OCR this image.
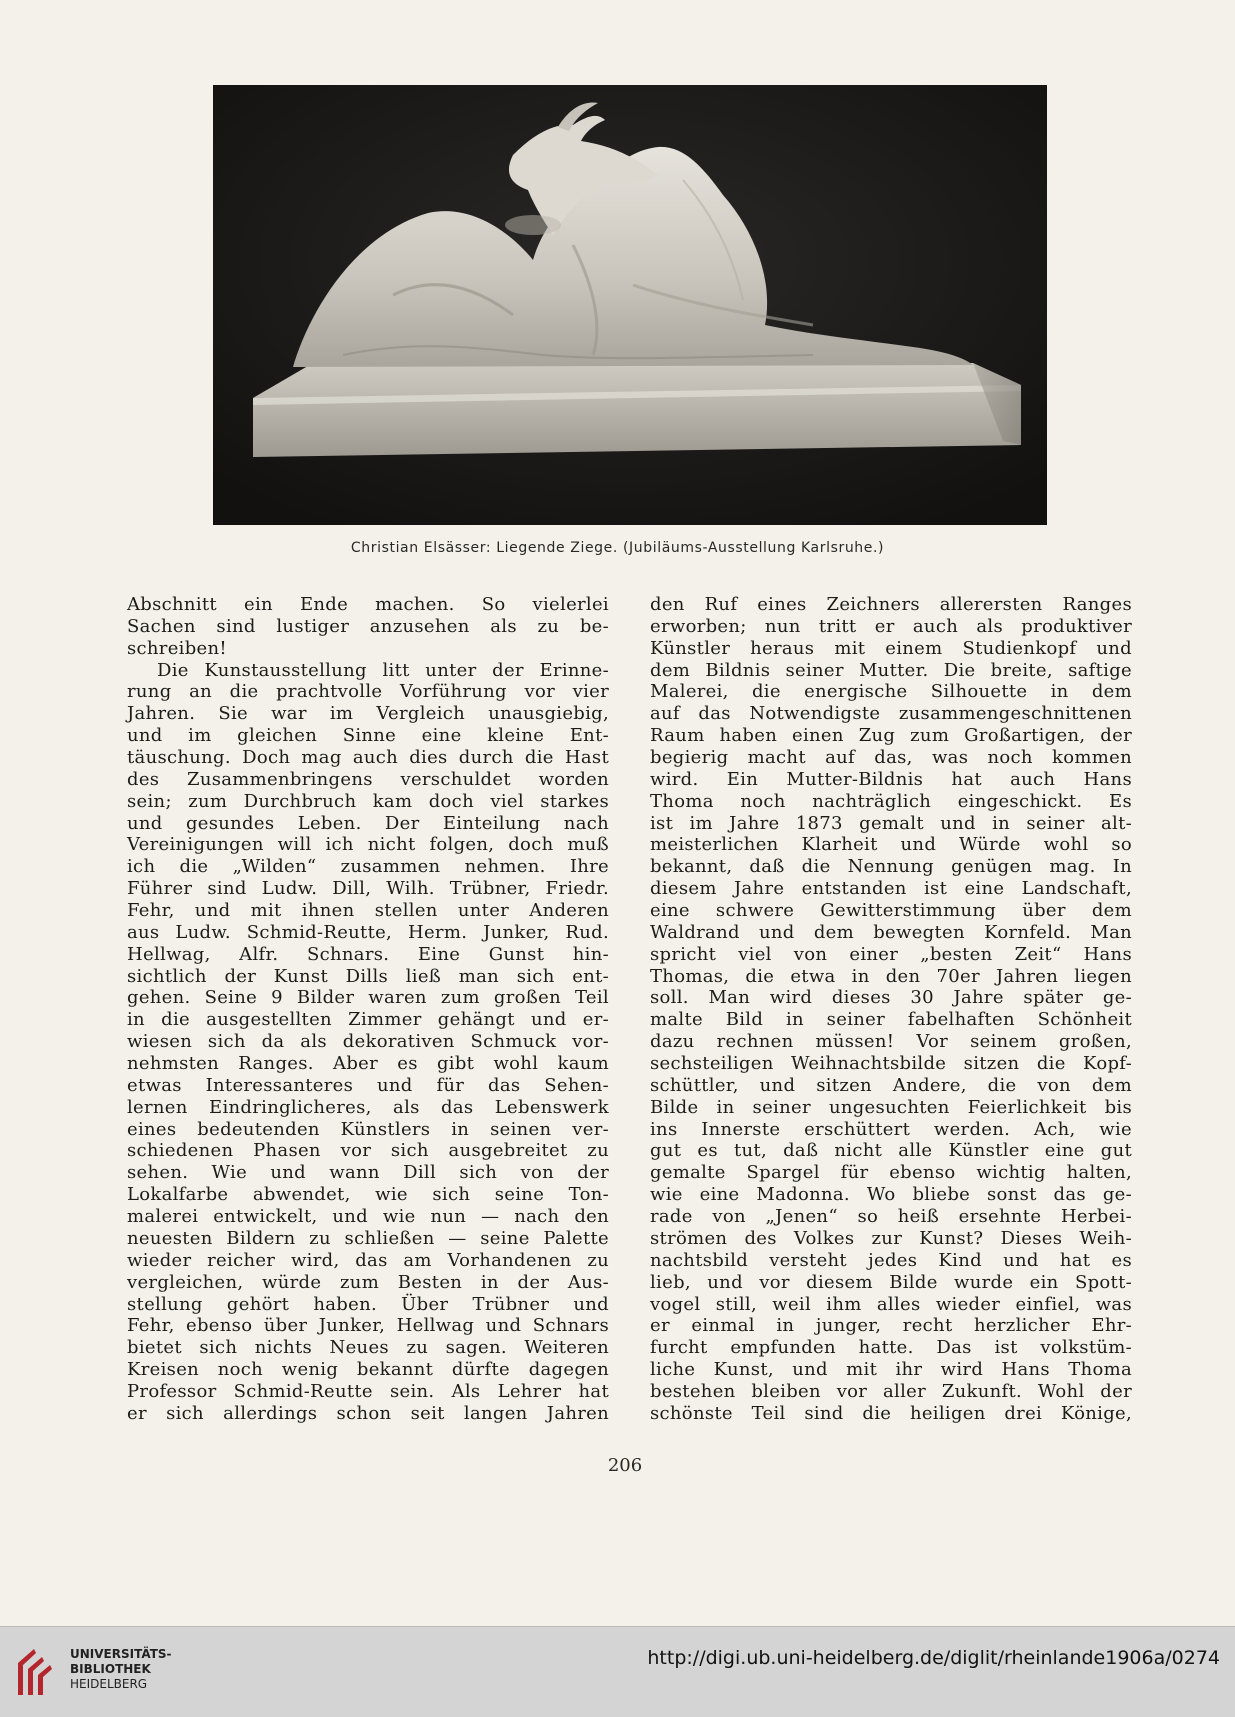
Christian Elsässer: Liegende Ziege. (Jubiläums-Ausstellung Karlsruhe.)
Abschnitt ein Ende machen. So vielerlei
Sachen sind lustiger anzusehen als zu be-
schreiben!
Die Kunstausstellung litt unter der Erinne-
rung an die prachtvolle Vorführung vor vier
Jahren. Sie war im Vergleich unausgiebig,
und im gleichen Sinne eine kleine Ent-
täuschung. Doch mag auch dies durch die Hast
des Zusammenbringens verschuldet worden
sein; zum Durchbruch kam doch viel starkes
und gesundes Leben. Der Einteilung nach
Vereinigungen will ich nicht folgen, doch muß
ich die „Wilden“ zusammen nehmen. Ihre
Führer sind Ludw. Dill, Wilh. Trübner, Friedr.
Fehr, und mit ihnen stellen unter Anderen
aus Ludw. Schmid-Reutte, Herm. Junker, Rud.
Hellwag, Alfr. Schnars. Eine Gunst hin-
sichtlich der Kunst Dills ließ man sich ent-
gehen. Seine 9 Bilder waren zum großen Teil
in die ausgestellten Zimmer gehängt und er-
wiesen sich da als dekorativen Schmuck vor-
nehmsten Ranges. Aber es gibt wohl kaum
etwas Interessanteres und für das Sehen-
lernen Eindringlicheres, als das Lebenswerk
eines bedeutenden Künstlers in seinen ver-
schiedenen Phasen vor sich ausgebreitet zu
sehen. Wie und wann Dill sich von der
Lokalfarbe abwendet, wie sich seine Ton-
malerei entwickelt, und wie nun — nach den
neuesten Bildern zu schließen — seine Palette
wieder reicher wird, das am Vorhandenen zu
vergleichen, würde zum Besten in der Aus-
stellung gehört haben. Über Trübner und
Fehr, ebenso über Junker, Hellwag und Schnars
bietet sich nichts Neues zu sagen. Weiteren
Kreisen noch wenig bekannt dürfte dagegen
Professor Schmid-Reutte sein. Als Lehrer hat
er sich allerdings schon seit langen Jahren
den Ruf eines Zeichners allerersten Ranges
erworben; nun tritt er auch als produktiver
Künstler heraus mit einem Studienkopf und
dem Bildnis seiner Mutter. Die breite, saftige
Malerei, die energische Silhouette in dem
auf das Notwendigste zusammengeschnittenen
Raum haben einen Zug zum Großartigen, der
begierig macht auf das, was noch kommen
wird. Ein Mutter-Bildnis hat auch Hans
Thoma noch nachträglich eingeschickt. Es
ist im Jahre 1873 gemalt und in seiner alt-
meisterlichen Klarheit und Würde wohl so
bekannt, daß die Nennung genügen mag. In
diesem Jahre entstanden ist eine Landschaft,
eine schwere Gewitterstimmung über dem
Waldrand und dem bewegten Kornfeld. Man
spricht viel von einer „besten Zeit“ Hans
Thomas, die etwa in den 70er Jahren liegen
soll. Man wird dieses 30 Jahre später ge-
malte Bild in seiner fabelhaften Schönheit
dazu rechnen müssen! Vor seinem großen,
sechsteiligen Weihnachtsbilde sitzen die Kopf-
schüttler, und sitzen Andere, die von dem
Bilde in seiner ungesuchten Feierlichkeit bis
ins Innerste erschüttert werden. Ach, wie
gut es tut, daß nicht alle Künstler eine gut
gemalte Spargel für ebenso wichtig halten,
wie eine Madonna. Wo bliebe sonst das ge-
rade von „Jenen“ so heiß ersehnte Herbei-
strömen des Volkes zur Kunst? Dieses Weih-
nachtsbild versteht jedes Kind und hat es
lieb, und vor diesem Bilde wurde ein Spott-
vogel still, weil ihm alles wieder einfiel, was
er einmal in junger, recht herzlicher Ehr-
furcht empfunden hatte. Das ist volkstüm-
liche Kunst, und mit ihr wird Hans Thoma
bestehen bleiben vor aller Zukunft. Wohl der
schönste Teil sind die heiligen drei Könige,
206
UNIVERSITÄTS-
BIBLIOTHEK
HEIDELBERG
http://digi.ub.uni-heidelberg.de/diglit/rheinlande1906a/0274
